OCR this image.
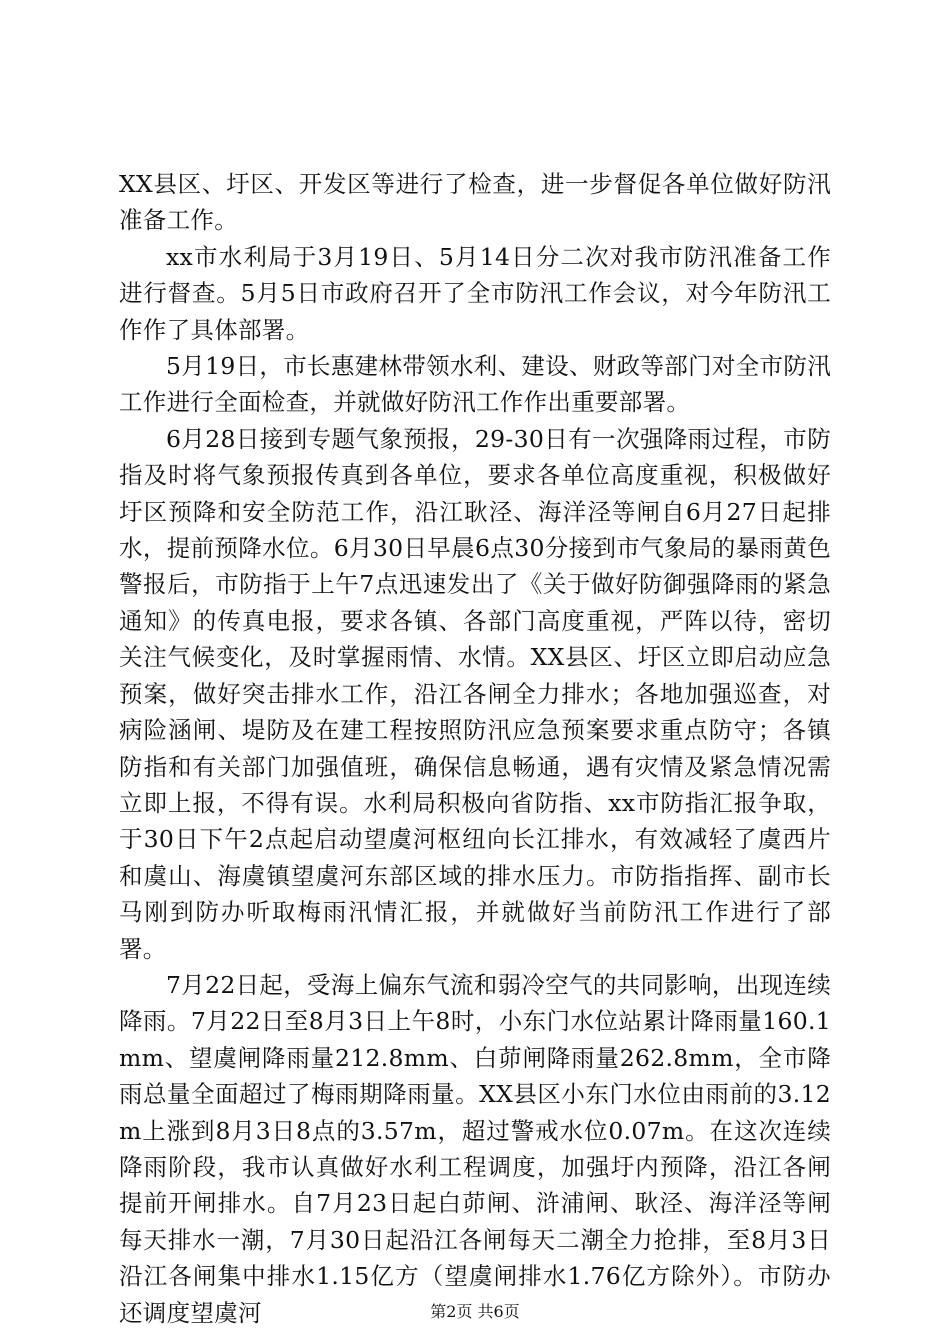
XX县区、圩区、开发区等进行了检查，进一步督促各单位做好防汛准备工作。

xx市水利局于3月19日、5月14日分二次对我市防汛准备工作进行督查。5月5日市政府召开了全市防汛工作会议，对今年防汛工作作了具体部署。

5月19日，市长惠建林带领水利、建设、财政等部门对全市防汛工作进行全面检查，并就做好防汛工作作出重要部署。

6月28日接到专题气象预报，29-30日有一次强降雨过程，市防指及时将气象预报传真到各单位，要求各单位高度重视，积极做好圩区预降和安全防范工作，沿江耿泾、海洋泾等闸自6月27日起排水，提前预降水位。6月30日早晨6点30分接到市气象局的暴雨黄色警报后，市防指于上午7点迅速发出了《关于做好防御强降雨的紧急通知》的传真电报，要求各镇、各部门高度重视，严阵以待，密切关注气候变化，及时掌握雨情、水情。XX县区、圩区立即启动应急预案，做好突击排水工作，沿江各闸全力排水；各地加强巡查，对病险涵闸、堤防及在建工程按照防汛应急预案要求重点防守；各镇防指和有关部门加强值班，确保信息畅通，遇有灾情及紧急情况需立即上报，不得有误。水利局积极向省防指、xx市防指汇报争取，于30日下午2点起启动望虞河枢纽向长江排水，有效减轻了虞西片和虞山、海虞镇望虞河东部区域的排水压力。市防指指挥、副市长马刚到防办听取梅雨汛情汇报，并就做好当前防汛工作进行了部署。

7月22日起，受海上偏东气流和弱冷空气的共同影响，出现连续降雨。7月22日至8月3日上午8时，小东门水位站累计降雨量160.1mm、望虞闸降雨量212.8mm、白茆闸降雨量262.8mm，全市降雨总量全面超过了梅雨期降雨量。XX县区小东门水位由雨前的3.12m上涨到8月3日8点的3.57m，超过警戒水位0.07m。在这次连续降雨阶段，我市认真做好水利工程调度，加强圩内预降，沿江各闸提前开闸排水。自7月23日起白茆闸、浒浦闸、耿泾、海洋泾等闸每天排水一潮，7月30日起沿江各闸每天二潮全力抢排，至8月3日沿江各闸集中排水1.15亿方（望虞闸排水1.76亿方除外）。市防办还调度望虞河	第2页 共6页
